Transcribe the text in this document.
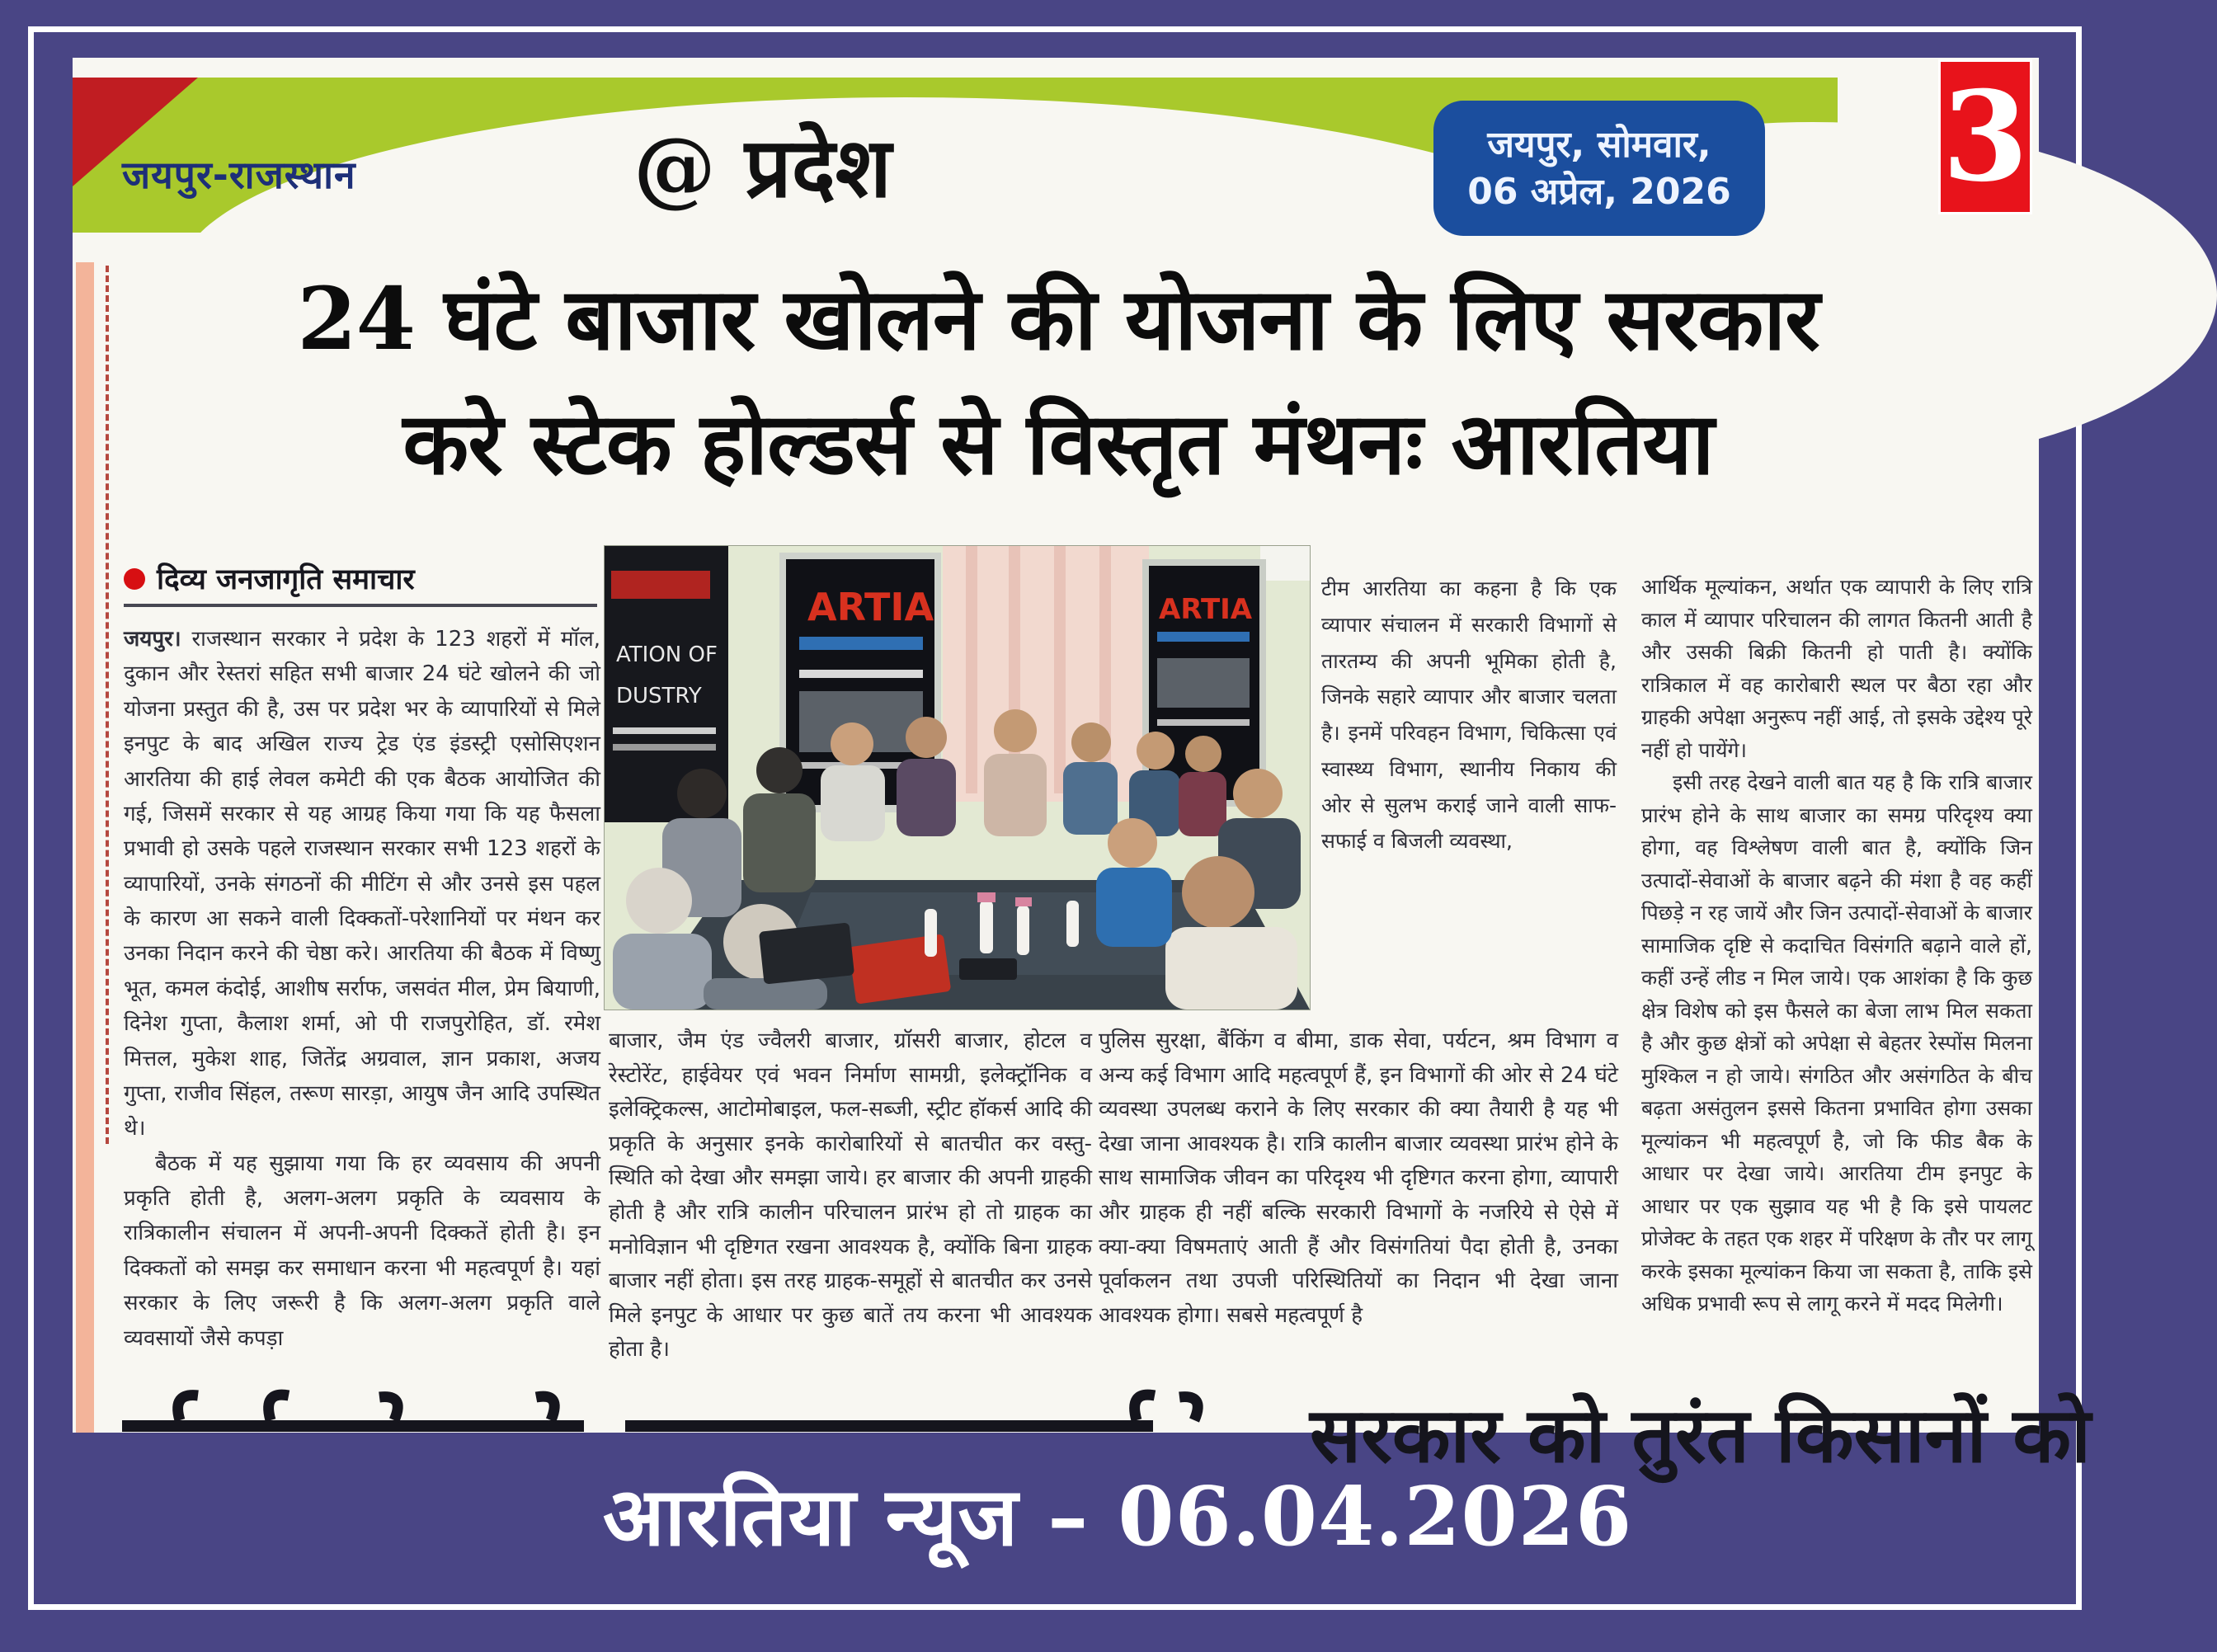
जयपुर-राजस्थान	@ प्रदेश	जयपुर, सोमवार,
06 अप्रेल, 2026 3
24 घंटे बाजार खोलने की योजना के लिए सरकार
करे स्टेक होल्डर्स से विस्तृत मंथनः आरतिया
दिव्य जनजागृति समाचार

जयपुर। राजस्थान सरकार ने प्रदेश के 123 शहरों में मॉल, दुकान और रेस्तरां सहित सभी बाजार 24 घंटे खोलने की जो योजना प्रस्तुत की है, उस पर प्रदेश भर के व्यापारियों से मिले इनपुट के बाद अखिल राज्य ट्रेड एंड इंडस्ट्री एसोसिएशन आरतिया की हाई लेवल कमेटी की एक बैठक आयोजित की गई, जिसमें सरकार से यह आग्रह किया गया कि यह फैसला प्रभावी हो उसके पहले राजस्थान सरकार सभी 123 शहरों के व्यापारियों, उनके संगठनों की मीटिंग से और उनसे इस पहल के कारण आ सकने वाली दिक्कतों-परेशानियों पर मंथन कर उनका निदान करने की चेष्ठा करे। आरतिया की बैठक में विष्णु भूत, कमल कंदोई, आशीष सर्राफ, जसवंत मील, प्रेम बियाणी, दिनेश गुप्ता, कैलाश शर्मा, ओ पी राजपुरोहित, डॉ. रमेश मित्तल, मुकेश शाह, जितेंद्र अग्रवाल, ज्ञान प्रकाश, अजय गुप्ता, राजीव सिंहल, तरूण सारड़ा, आयुष जैन आदि उपस्थित थे।

बैठक में यह सुझाया गया कि हर व्यवसाय की अपनी प्रकृति होती है, अलग-अलग प्रकृति के व्यवसाय के रात्रिकालीन संचालन में अपनी-अपनी दिक्कतें होती है। इन दिक्कतों को समझ कर समाधान करना भी महत्वपूर्ण है। यहां सरकार के लिए जरूरी है कि अलग-अलग प्रकृति वाले व्यवसायों जैसे कपड़ा

ATION OF
DUSTRY
ARTIA	ARTIA

टीम आरतिया का कहना है कि एक व्यापार संचालन में सरकारी विभागों से तारतम्य की अपनी भूमिका होती है, जिनके सहारे व्यापार और बाजार चलता है। इनमें परिवहन विभाग, चिकित्सा एवं स्वास्थ्य विभाग, स्थानीय निकाय की ओर से सुलभ कराई जाने वाली साफ-सफाई व बिजली व्यवस्था,

आर्थिक मूल्यांकन, अर्थात एक व्यापारी के लिए रात्रि काल में व्यापार परिचालन की लागत कितनी आती है और उसकी बिक्री कितनी हो पाती है। क्योंकि रात्रिकाल में वह कारोबारी स्थल पर बैठा रहा और ग्राहकी अपेक्षा अनुरूप नहीं आई, तो इसके उद्देश्य पूरे नहीं हो पायेंगे।

इसी तरह देखने वाली बात यह है कि रात्रि बाजार प्रारंभ होने के साथ बाजार का समग्र परिदृश्य क्या होगा, वह विश्लेषण वाली बात है, क्योंकि जिन उत्पादों-सेवाओं के बाजार बढ़ने की मंशा है वह कहीं पिछड़े न रह जायें और जिन उत्पादों-सेवाओं के बाजार सामाजिक दृष्टि से कदाचित विसंगति बढ़ाने वाले हों, कहीं उन्हें लीड न मिल जाये। एक आशंका है कि कुछ क्षेत्र विशेष को इस फैसले का बेजा लाभ मिल सकता है और कुछ क्षेत्रों को अपेक्षा से बेहतर रेस्पोंस मिलना मुश्किल न हो जाये। संगठित और असंगठित के बीच बढ़ता असंतुलन इससे कितना प्रभावित होगा उसका मूल्यांकन भी महत्वपूर्ण है, जो कि फीड बैक के आधार पर देखा जाये। आरतिया टीम इनपुट के आधार पर एक सुझाव यह भी है कि इसे पायलट प्रोजेक्ट के तहत एक शहर में परिक्षण के तौर पर लागू करके इसका मूल्यांकन किया जा सकता है, ताकि इसे अधिक प्रभावी रूप से लागू करने में मदद मिलेगी।

बाजार, जैम एंड ज्वैलरी बाजार, ग्रॉसरी बाजार, होटल व रेस्टोरेंट, हाईवेयर एवं भवन निर्माण सामग्री, इलेक्ट्रॉनिक व इलेक्ट्रिकल्स, आटोमोबाइल, फल-सब्जी, स्ट्रीट हॉकर्स आदि की प्रकृति के अनुसार इनके कारोबारियों से बातचीत कर वस्तु-स्थिति को देखा और समझा जाये। हर बाजार की अपनी ग्राहकी होती है और रात्रि कालीन परिचालन प्रारंभ हो तो ग्राहक का मनोविज्ञान भी दृष्टिगत रखना आवश्यक है, क्योंकि बिना ग्राहक बाजार नहीं होता। इस तरह ग्राहक-समूहों से बातचीत कर उनसे मिले इनपुट के आधार पर कुछ बातें तय करना भी आवश्यक होता है।

पुलिस सुरक्षा, बैंकिंग व बीमा, डाक सेवा, पर्यटन, श्रम विभाग व अन्य कई विभाग आदि महत्वपूर्ण हैं, इन विभागों की ओर से 24 घंटे व्यवस्था उपलब्ध कराने के लिए सरकार की क्या तैयारी है यह भी देखा जाना आवश्यक है। रात्रि कालीन बाजार व्यवस्था प्रारंभ होने के साथ सामाजिक जीवन का परिदृश्य भी दृष्टिगत करना होगा, व्यापारी और ग्राहक ही नहीं बल्कि सरकारी विभागों के नजरिये से ऐसे में क्या-क्या विषमताएं आती हैं और विसंगतियां पैदा होती है, उनका पूर्वाकलन तथा उपजी परिस्थितियों का निदान भी देखा जाना आवश्यक होगा। सबसे महत्वपूर्ण है

सरकार को तुरंत किसानों को
आरतिया न्यूज – 06.04.2026
